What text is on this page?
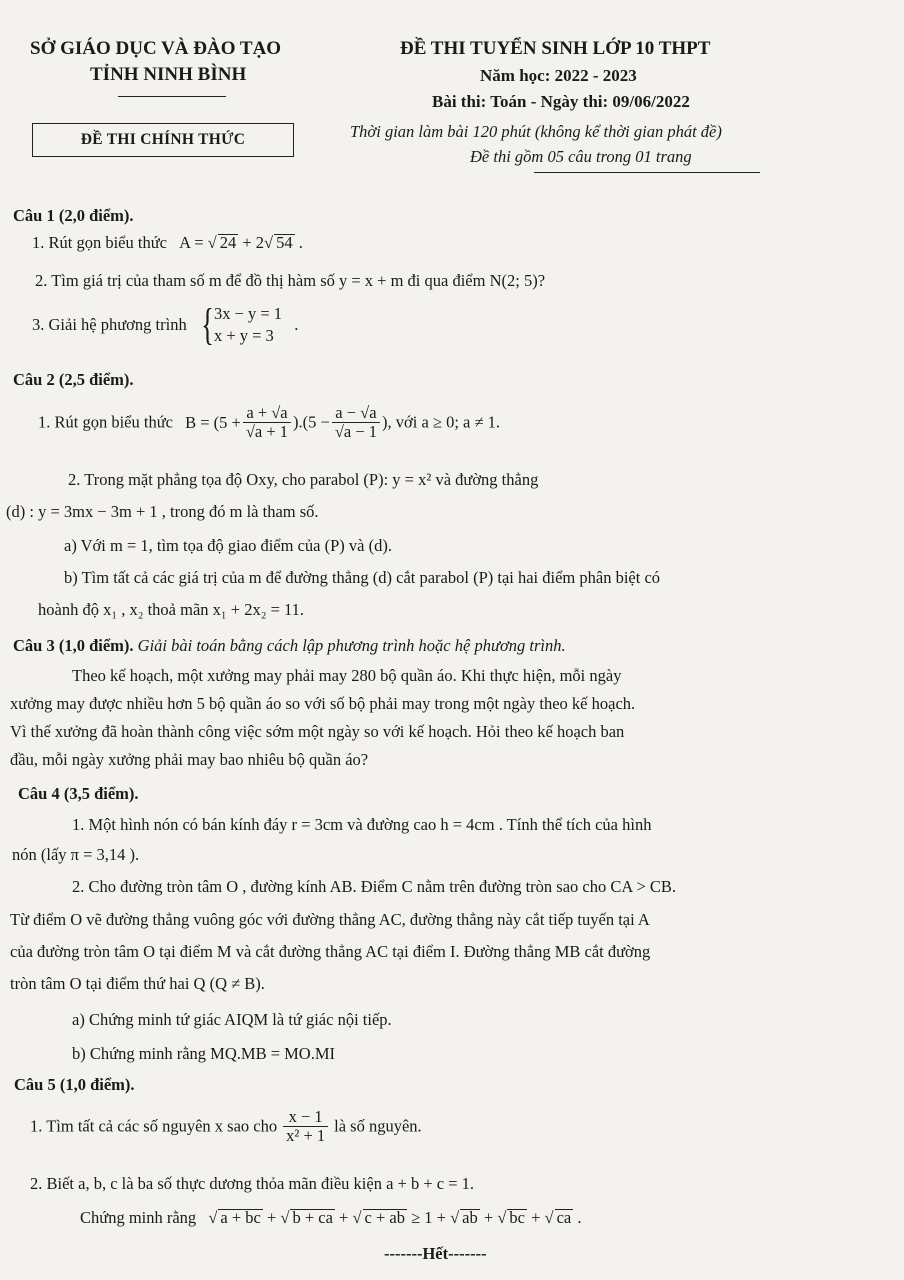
SỞ GIÁO DỤC VÀ ĐÀO TẠO
TỈNH NINH BÌNH
ĐỀ THI CHÍNH THỨC
ĐỀ THI TUYỂN SINH LỚP 10 THPT
Năm học: 2022 - 2023
Bài thi: Toán - Ngày thi: 09/06/2022
Thời gian làm bài 120 phút (không kể thời gian phát đề)
Đề thi gồm 05 câu trong 01 trang
Câu 1 (2,0 điểm).
1. Rút gọn biểu thức A = √ 24 + 2 √ 54 .
2. Tìm giá trị của tham số m để đồ thị hàm số y = x + m đi qua điểm N(2; 5)?
3. Giải hệ phương trình { 3x − y = 1
x + y = 3
.
Câu 2 (2,5 điểm).
1. Rút gọn biểu thức $B = (5 + \frac{a + √a}{√a + 1} ).(5 - \frac{a - √a}{√a - 1}$ ), với a ≥ 0; a ≠ 1.
2. Trong mặt phẳng tọa độ Oxy, cho parabol (P): y = x² và đường thẳng
(d) : y = 3mx − 3m + 1 , trong đó m là tham số.
a) Với m = 1, tìm tọa độ giao điểm của (P) và (d).
b) Tìm tất cả các giá trị của m để đường thẳng (d) cắt parabol (P) tại hai điểm phân biệt có
hoành độ x₁ , x₂ thoả mãn x₁ + 2x₂ = 11.
Câu 3 (1,0 điểm). Giải bài toán bằng cách lập phương trình hoặc hệ phương trình.
Theo kế hoạch, một xưởng may phải may 280 bộ quần áo. Khi thực hiện, mỗi ngày
xưởng may được nhiều hơn 5 bộ quần áo so với số bộ phải may trong một ngày theo kế hoạch.
Vì thế xưởng đã hoàn thành công việc sớm một ngày so với kế hoạch. Hỏi theo kế hoạch ban
đầu, mỗi ngày xưởng phải may bao nhiêu bộ quần áo?
Câu 4 (3,5 điểm).
1. Một hình nón có bán kính đáy r = 3cm và đường cao h = 4cm . Tính thể tích của hình
nón (lấy π = 3,14 ).
2. Cho đường tròn tâm O , đường kính AB. Điểm C nằm trên đường tròn sao cho CA > CB.
Từ điểm O vẽ đường thẳng vuông góc với đường thẳng AC, đường thẳng này cắt tiếp tuyến tại A
của đường tròn tâm O tại điểm M và cắt đường thẳng AC tại điểm I. Đường thẳng MB cắt đường
tròn tâm O tại điểm thứ hai Q (Q ≠ B).
a) Chứng minh tứ giác AIQM là tứ giác nội tiếp.
b) Chứng minh rằng MQ.MB = MO.MI
Câu 5 (1,0 điểm).
1. Tìm tất cả các số nguyên x sao cho $\frac{x - 1}{\text{x² + 1}}$ là số nguyên.
2. Biết a, b, c là ba số thực dương thỏa mãn điều kiện a + b + c = 1.
Chứng minh rằng √ a + bc + √ b + ca + √ c + ab ≥ 1 + √ ab + √ bc + √ ca .
-------Hết-------
